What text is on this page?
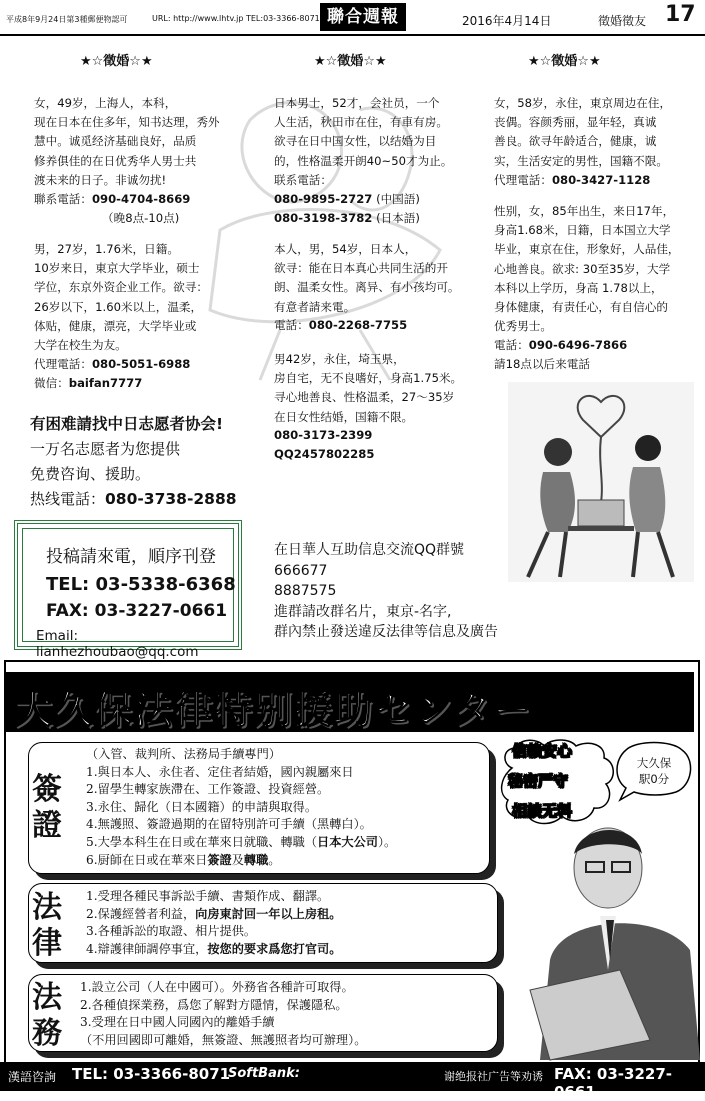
平成8年9月24日第3種郵便物認可	URL: http://www.lhtv.jp TEL:03-3366-8071 聯合週報	2016年4月14日	徵婚徵友 17
★☆徵婚☆★
女，49岁，上海人，本科，
现在日本在住多年，知书达理，秀外
慧中。诚觅经济基础良好，品质
修养俱佳的在日优秀华人男士共
渡未来的日子。非诚勿扰!
聯系電話：090-4704-8669
（晚8点-10点)
男，27岁，1.76米，日籍。
10岁来日，東京大学毕业，硕士
学位，东京外资企业工作。欲寻：
26岁以下，1.60米以上，温柔，
体贴，健康，漂亮，大学毕业或
大学在校生为友。
代理電話：080-5051-6988
微信：baifan7777
★☆徵婚☆★
日本男士，52才，会社员，一个
人生活，秋田市在住，有車有房。
欲寻在日中国女性，以结婚为目
的，性格温柔开朗40~50才为止。
联系電話：
080-9895-2727 (中国語)
080-3198-3782 (日本語)
本人，男，54岁，日本人，
欲寻：能在日本真心共同生活的开
朗、温柔女性。离异、有小孩均可。
有意者請来電。
電話：080-2268-7755
男42岁，永住，埼玉県，
房自宅，无不良嗜好，身高1.75米。
寻心地善良、性格温柔，27～35岁
在日女性结婚，国籍不限。
080-3173-2399
QQ2457802285
★☆徵婚☆★
女，58岁，永住，東京周边在住，
丧偶。容颜秀丽，显年轻，真诚
善良。欲寻年龄适合，健康，诚
实，生活安定的男性，国籍不限。
代理電話：080-3427-1128
性别，女，85年出生，来日17年，
身高1.68米，日籍，日本国立大学
毕业，東京在住，形象好，人品佳，
心地善良。欲求: 30至35岁，大学
本科以上学历，身高 1.78以上，
身体健康，有责任心，有自信心的
优秀男士。
電話：090-6496-7866
請18点以后来電話
有困难請找中日志愿者协会!
一万名志愿者为您提供
免费咨询、援助。
热线電話：080-3738-2888
投稿請來電，順序刊登
TEL: 03-5338-6368
FAX: 03-3227-0661
Email: lianhezhoubao@qq.com
在日華人互助信息交流QQ群號
666677
8887575
進群請改群名片，東京-名字,
群內禁止發送違反法律等信息及廣告
大久保法律特别援助センター
簽證
（入管、裁判所、法務局手續專門）
1.與日本人、永住者、定住者結婚，國內親屬來日
2.留學生轉家族滯在、工作簽證、投資經營。
3.永住、歸化（日本國籍）的申請與取得。
4.無護照、簽證過期的在留特別許可手續（黑轉白）。
5.大學本科生在日或在華來日就職、轉職（日本大公司）。
6.厨師在日或在華來日簽證及轉職。
法律
1.受理各種民事訴訟手續、書類作成、翻譯。
2.保護經營者利益，向房東討回一年以上房租。
3.各種訴訟的取證、相片提供。
4.辯護律師調停事宜，按您的要求爲您打官司。
法務
1.設立公司（人在中國可）。外務省各種許可取得。
2.各種偵探業務，爲您了解對方隱情，保護隱私。
3.受理在日中國人同國內的離婚手續
（不用回國即可離婚，無簽證、無護照者均可辦理）。
信賴安心
秘密严守
相談无料
大久保
駅0分
漢語咨詢 TEL: 03-3366-8071
SoftBank:	谢绝报社广告等劝诱 FAX: 03-3227-0661
